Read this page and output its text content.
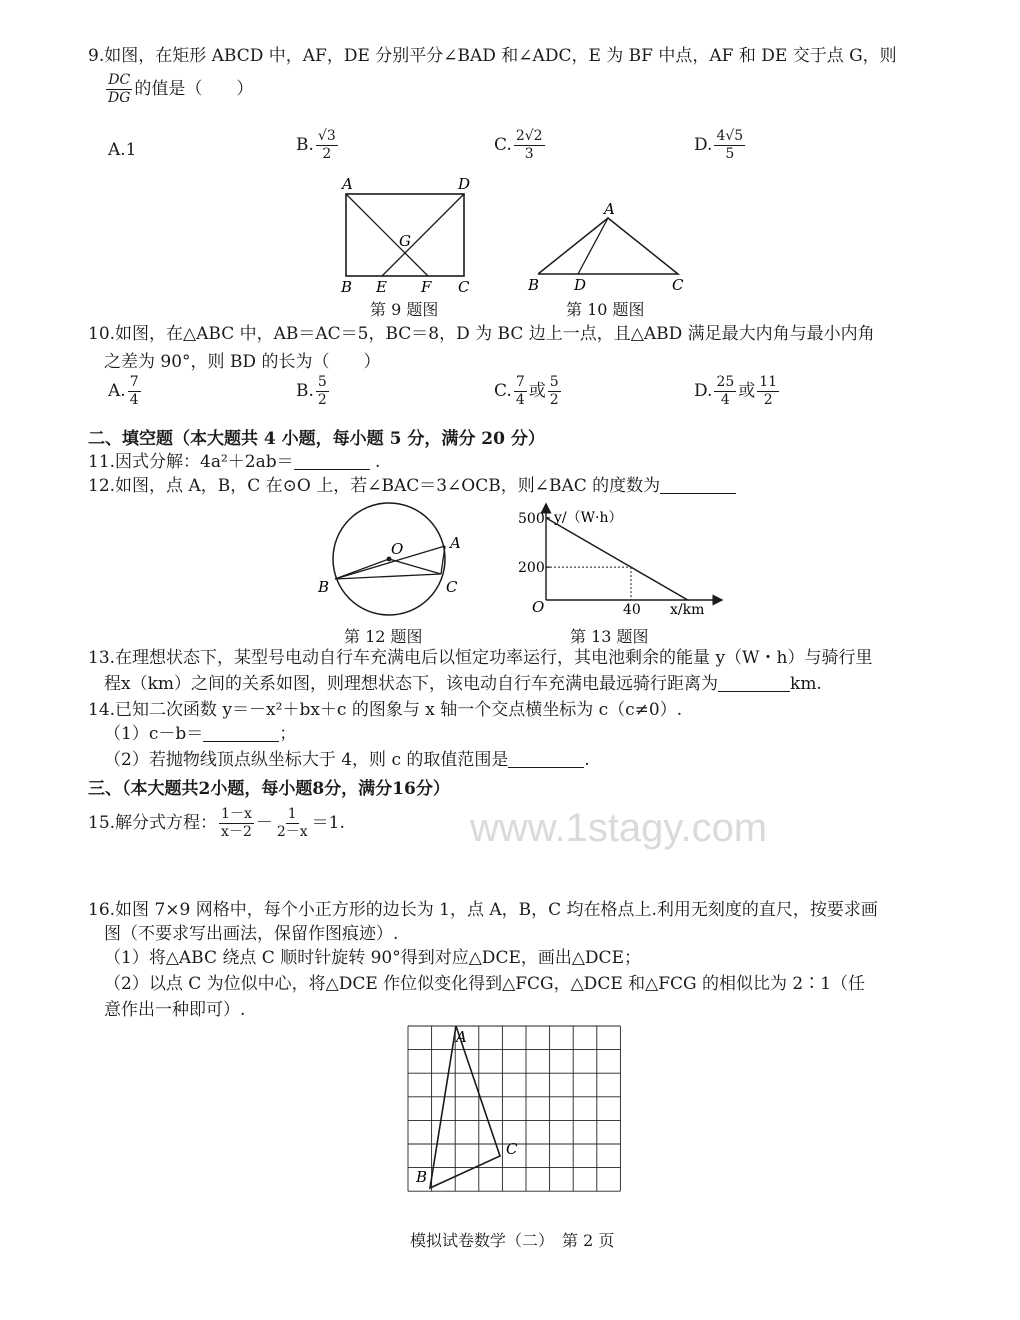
9.如图，在矩形 ABCD 中，AF，DE 分别平分∠BAD 和∠ADC，E 为 BF 中点，AF 和 DE 交于点 G，则
$\frac{DC}{DG}$ 的值是（　　）
A.1	B. $\frac{√3}{2}$	C. $\frac{2√2}{3}$	D. $\frac{4√5}{5}$
A	D
G
B E F C
第 9 题图
A
B D	C
第 10 题图
10.如图，在△ABC 中，AB＝AC＝5，BC＝8，D 为 BC 边上一点，且△ABD 满足最大内角与最小内角
之差为 90°，则 BD 的长为（　　）
A. $\frac{7}{4}$	B. $\frac{5}{2}$	C. $\frac{7}{4}$ 或 $\frac{5}{2}$	D. $\frac{25}{4}$ 或 $\frac{11}{2}$
二、填空题（本大题共 4 小题，每小题 5 分，满分 20 分）
11.因式分解：4a²＋2ab＝	.
12.如图，点 A，B，C 在⊙O 上，若∠BAC＝3∠OCB，则∠BAC 的度数为
O	A
B	C
第 12 题图
y/（W·h）
x/km
O
200
500
40
第 13 题图
www.1stagy.com
13.在理想状态下，某型号电动自行车充满电后以恒定功率运行，其电池剩余的能量 y（W・h）与骑行里
程x（km）之间的关系如图，则理想状态下，该电动自行车充满电最远骑行距离为	km.
14.已知二次函数 y＝－x²＋bx＋c 的图象与 x 轴一个交点横坐标为 c（c≠0）.
（1）c－b＝	；
（2）若抛物线顶点纵坐标大于 4，则 c 的取值范围是	.
三、（本大题共2小题，每小题8分，满分16分）
15.解分式方程： $\frac{1-x}{x-2} - \frac{1}{2-x} =1$.
16.如图 7×9 网格中，每个小正方形的边长为 1，点 A，B，C 均在格点上.利用无刻度的直尺，按要求画
图（不要求写出画法，保留作图痕迹）.
（1）将△ABC 绕点 C 顺时针旋转 90°得到对应△DCE，画出△DCE；
（2）以点 C 为位似中心，将△DCE 作位似变化得到△FCG，△DCE 和△FCG 的相似比为 2∶1（任
意作出一种即可）.
A
B
C
模拟试卷数学（二）　第 2 页
